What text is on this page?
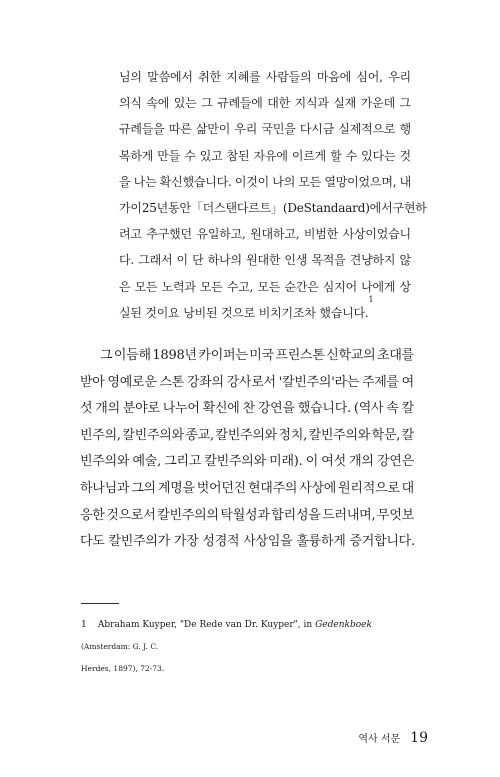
님의 말씀에서 취한 지혜를 사람들의 마음에 심어, 우리
의식 속에 있는 그 규례들에 대한 지식과 실재 가운데 그
규례들을 따른 삶만이 우리 국민을 다시금 실제적으로 행
복하게 만들 수 있고 참된 자유에 이르게 할 수 있다는 것
을 나는 확신했습니다. 이것이 나의 모든 열망이었으며, 내
가 이 25년 동안 「더 스탠다르트」(De Standaard)에서 구현하
려고 추구했던 유일하고, 원대하고, 비범한 사상이었습니
다. 그래서 이 단 하나의 원대한 인생 목적을 견냥하지 않
은 모든 노력과 모든 수고, 모든 순간은 심지어 나에게 상
실된 것이요 낭비된 것으로 비치기조차 했습니다.
1
그 이듬해 1898년 카이퍼는 미국 프린스톤 신학교의 초대를
받아 영예로운 스톤 강좌의 강사로서 '칼빈주의'라는 주제를 여
섯 개의 분야로 나누어 확신에 찬 강연을 했습니다. (역사 속 칼
빈주의, 칼빈주의와 종교, 칼빈주의와 정치, 칼빈주의와 학문, 칼
빈주의와 예술, 그리고 칼빈주의와 미래). 이 여섯 개의 강연은
하나님과 그의 계명을 벗어던진 현대주의 사상에 원리적으로 대
응한 것으로서 칼빈주의의 탁월성과 합리성을 드러내며, 무엇보
다도 칼빈주의가 가장 성경적 사상임을 훌륭하게 증거합니다.
1 Abraham Kuyper, "De Rede van Dr. Kuyper", in Gedenkboek (Amsterdam: G. J. C.
Herdes, 1897), 72-73.
역사 서문 19
